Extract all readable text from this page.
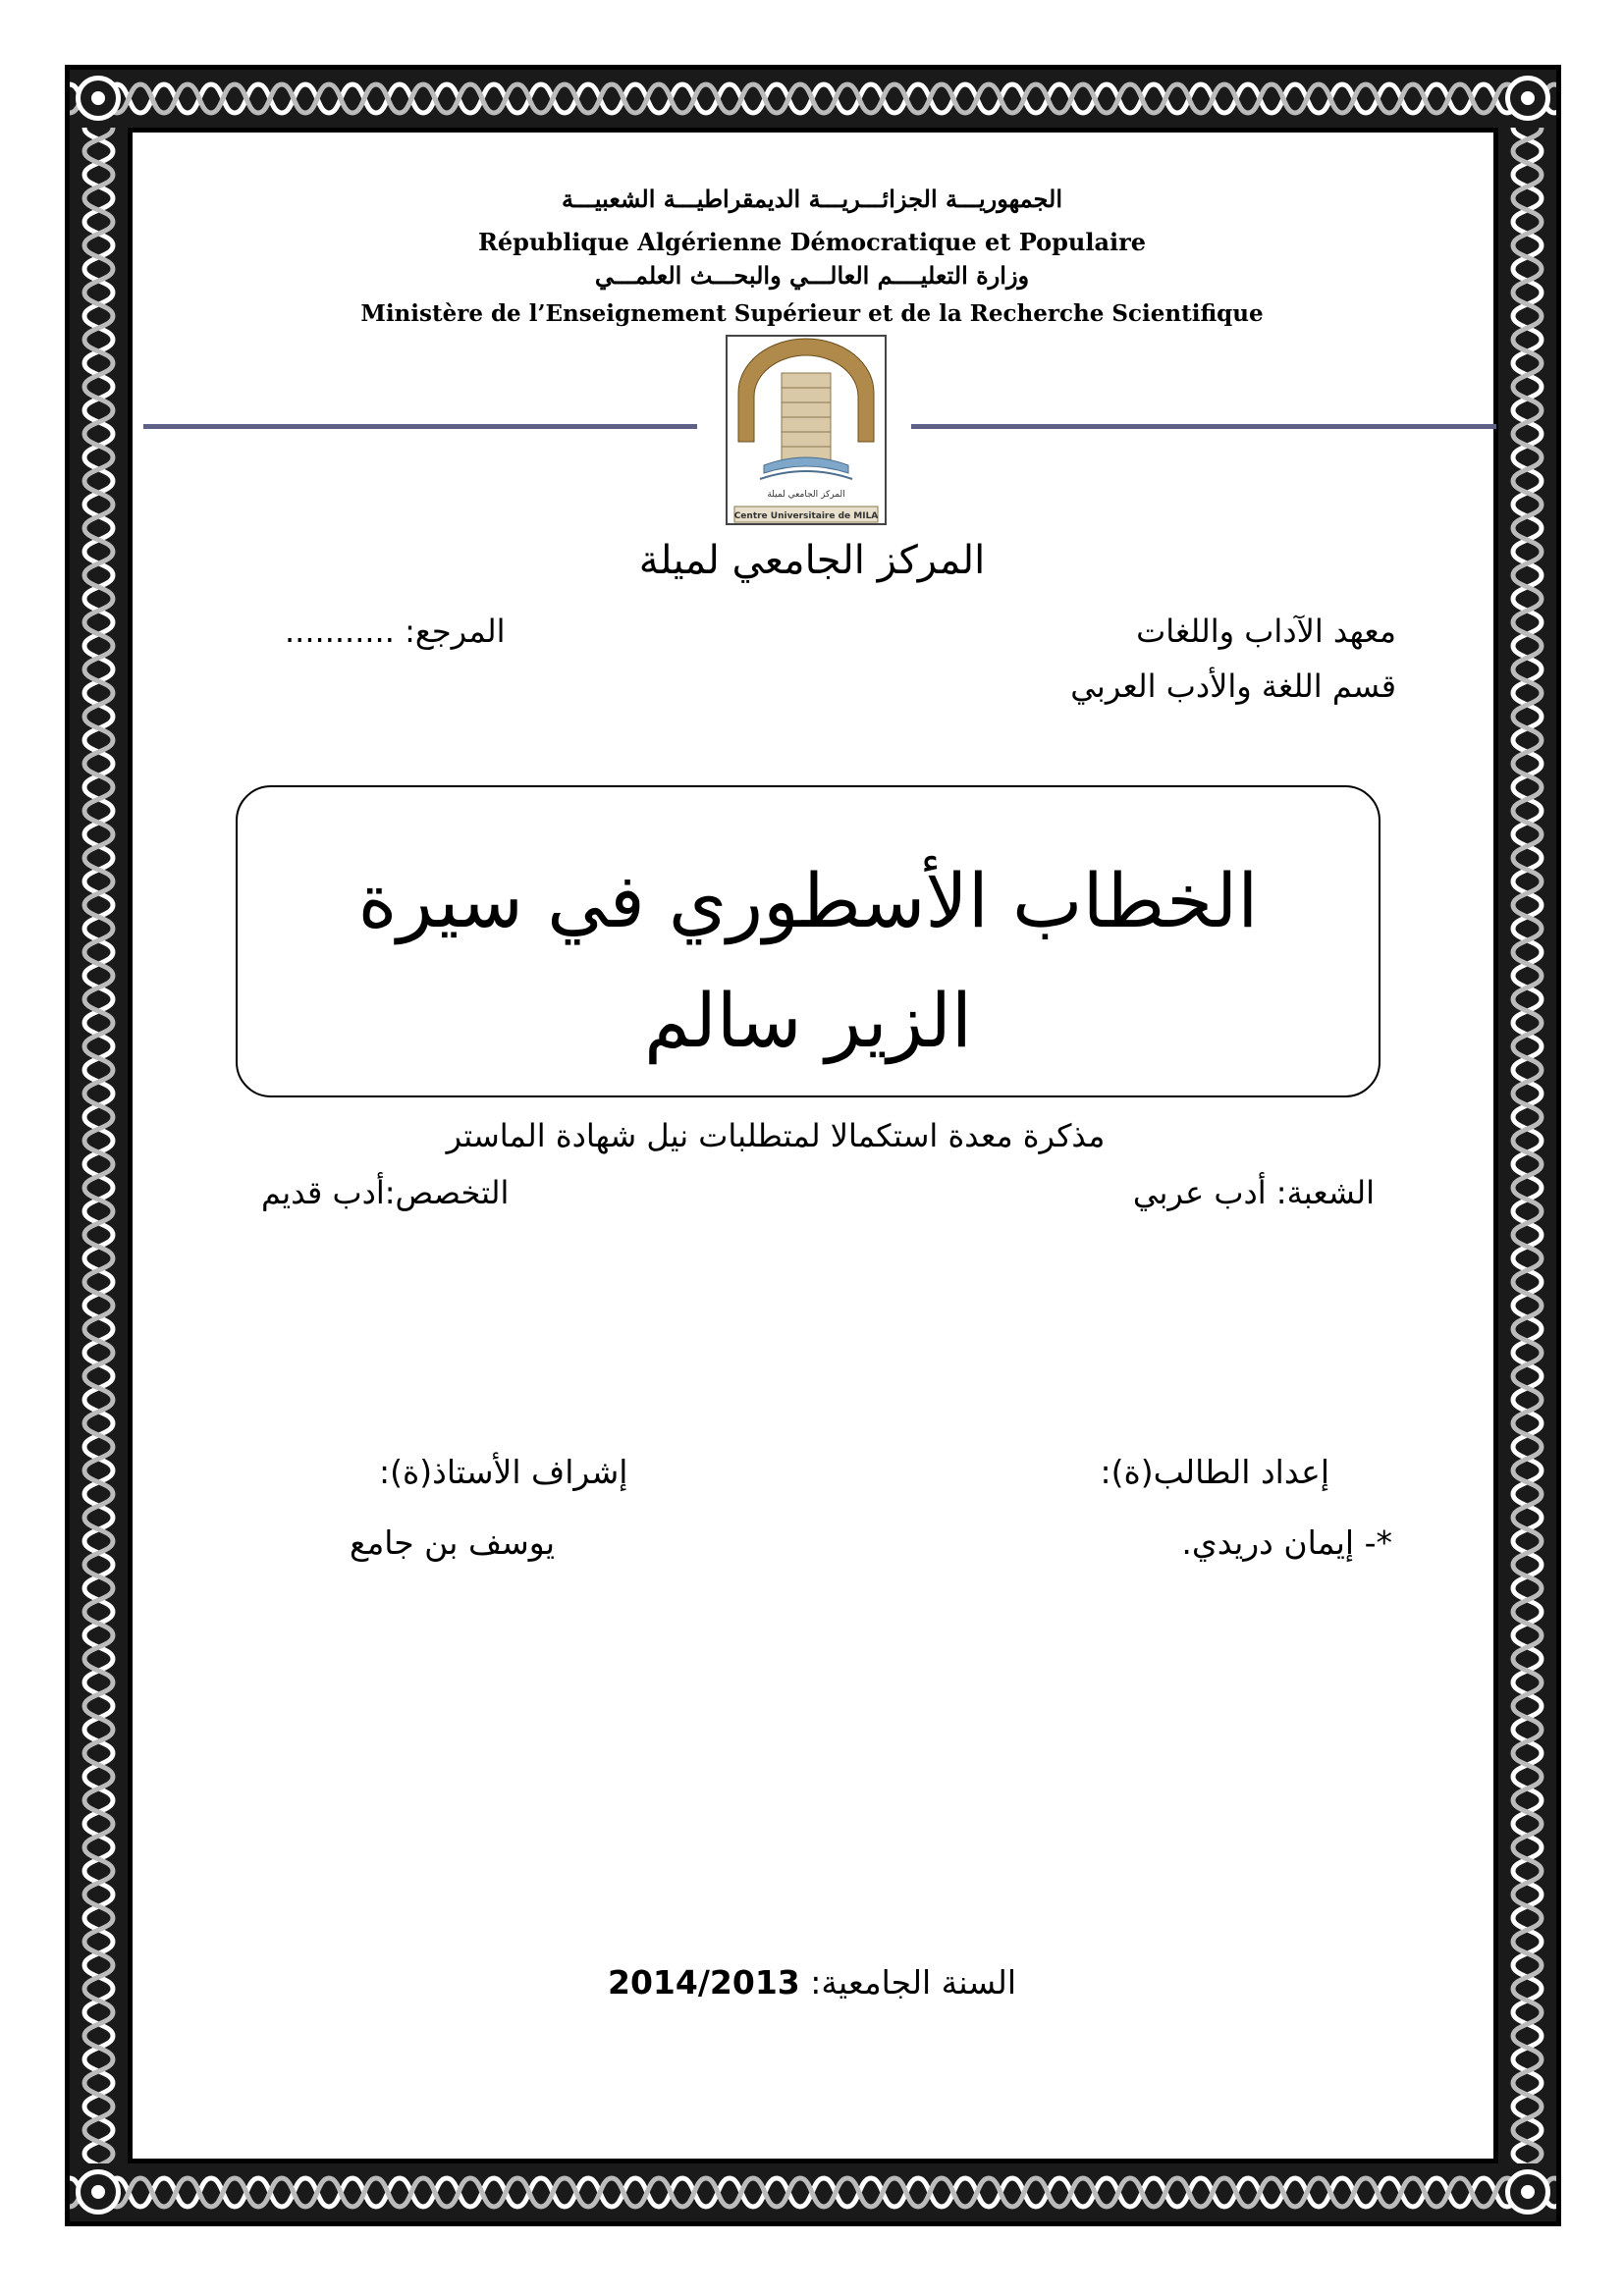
الجمهوريـــة الجزائـــريـــة الديمقراطيـــة الشعبيـــة
République Algérienne Démocratique et Populaire
وزارة التعليــــم العالـــي والبحـــث العلمـــي
Ministère de l’Enseignement Supérieur et de la Recherche Scientifique
المركز الجامعي لميلة
Centre Universitaire de MILA
المركز الجامعي لميلة
معهد الآداب واللغات
المرجع: ...........
قسم اللغة والأدب العربي
الخطاب الأسطوري في سيرة
الزير سالم
مذكرة معدة استكمالا لمتطلبات نيل شهادة الماستر
الشعبة: أدب عربي
التخصص:أدب قديم
إعداد الطالب(ة):
إشراف الأستاذ(ة):
*- إيمان دريدي.
يوسف بن جامع
السنة الجامعية: 2014/2013
